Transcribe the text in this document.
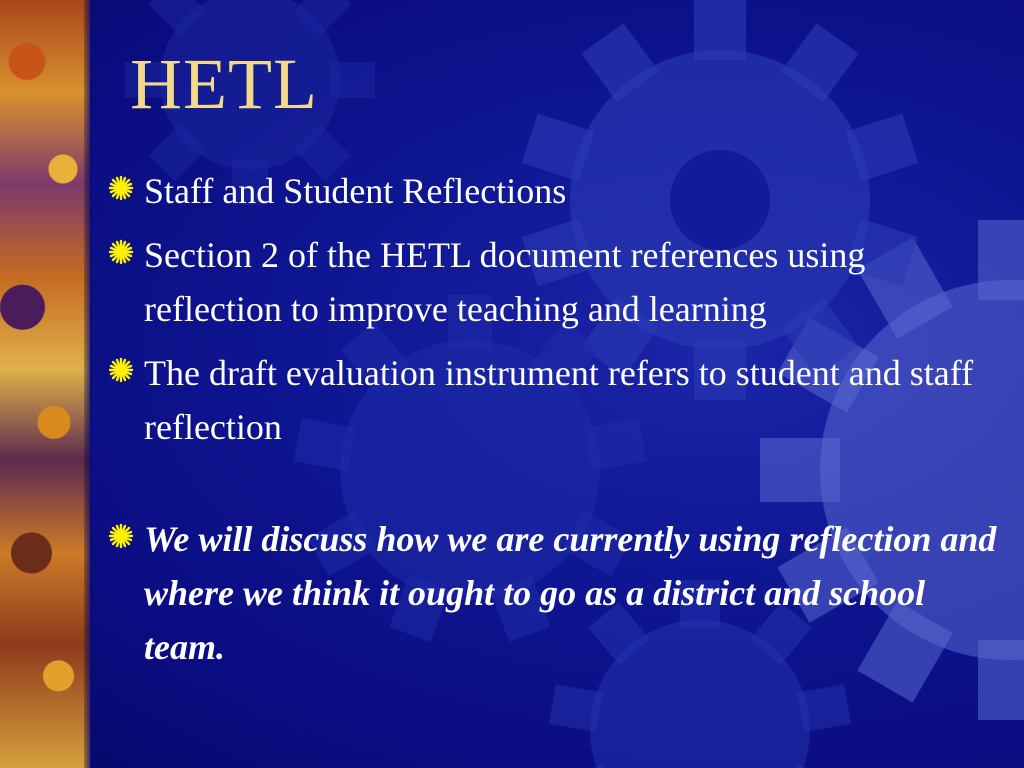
HETL
Staff and Student Reflections
Section 2 of the HETL document references using reflection to improve teaching and learning
The draft evaluation instrument refers to student and staff reflection
We will discuss how we are currently using reflection and where we think it ought to go as a district and school team.
